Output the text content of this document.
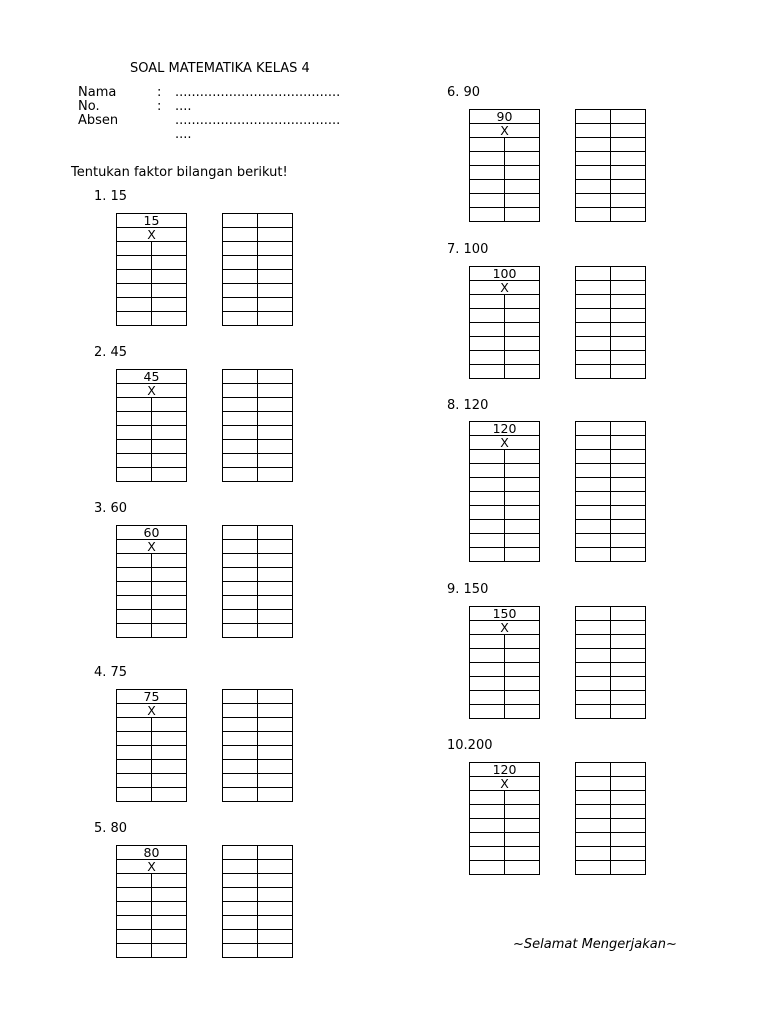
SOAL MATEMATIKA KELAS 4
Nama	: ........................................
No.	: ....
Absen	........................................
....
Tentukan faktor bilangan berikut!
1. 15
15	
X	

2. 45
45	
X	

3. 60
60	
X	

4. 75
75	
X	

5. 80
80	
X	

6. 90
90	
X	

7. 100
100	
X	

8. 120
120	
X	

9. 150
150	
X	

10.200
120	
X	

~Selamat Mengerjakan~
